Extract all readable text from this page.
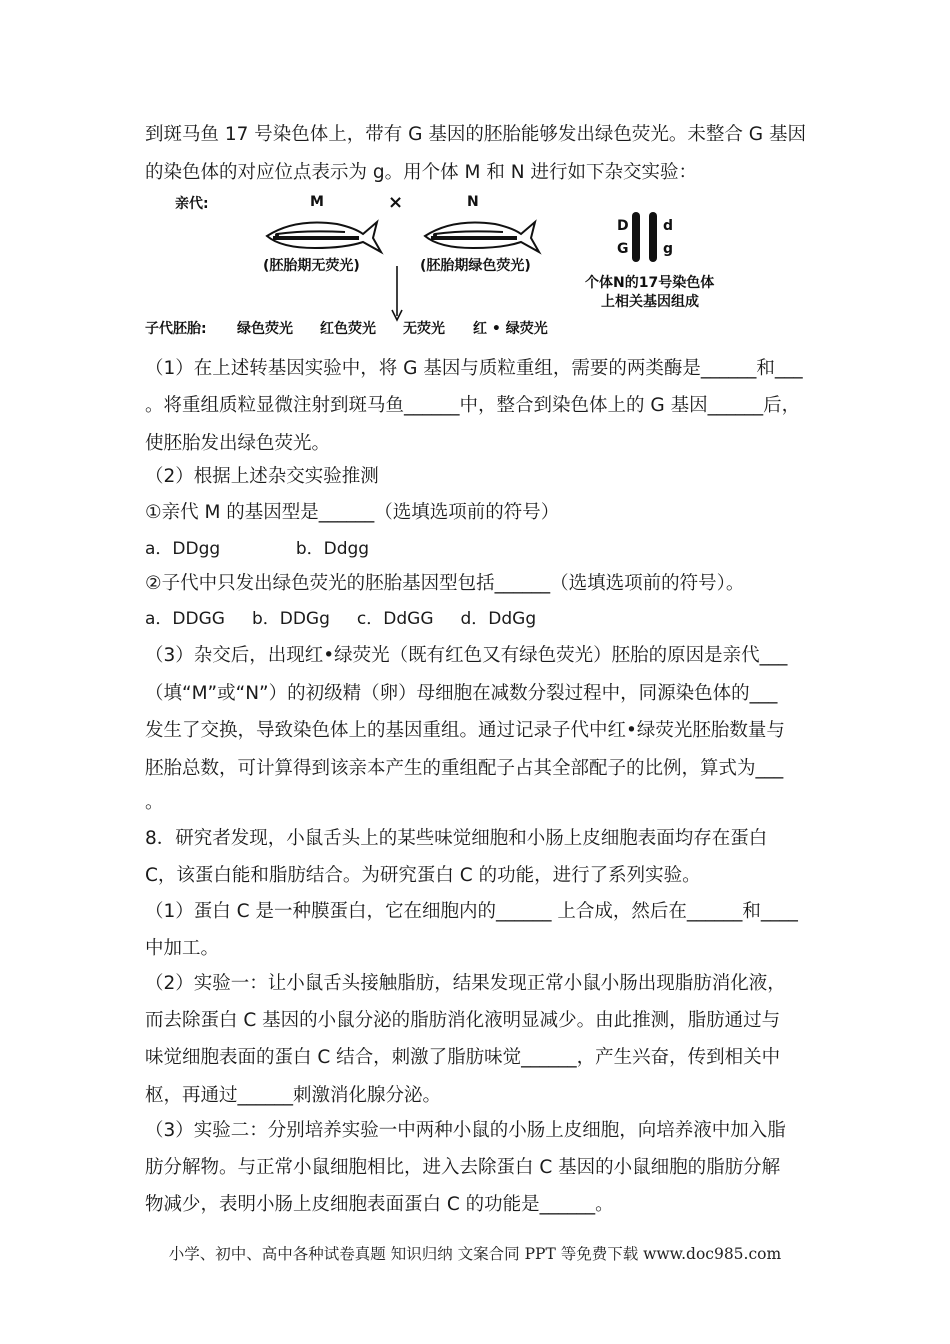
到斑马鱼 17 号染色体上，带有 G 基因的胚胎能够发出绿色荧光。未整合 G 基因
的染色体的对应位点表示为 g。用个体 M 和 N 进行如下杂交实验：
亲代:	M	×	N
(胚胎期无荧光)	(胚胎期绿色荧光)
D
G
d
g
个体N的17号染色体
上相关基因组成
子代胚胎: 绿色荧光 红色荧光 无荧光 红 • 绿荧光
（1）在上述转基因实验中，将 G 基因与质粒重组，需要的两类酶是______和___
。将重组质粒显微注射到斑马鱼______中，整合到染色体上的 G 基因______后，
使胚胎发出绿色荧光。
（2）根据上述杂交实验推测
①亲代 M 的基因型是______（选填选项前的符号）
a．DDgg              b．Ddgg
②子代中只发出绿色荧光的胚胎基因型包括______（选填选项前的符号）。
a．DDGG     b．DDGg     c．DdGG     d．DdGg
（3）杂交后，出现红•绿荧光（既有红色又有绿色荧光）胚胎的原因是亲代___
（填“M”或“N”）的初级精（卵）母细胞在减数分裂过程中，同源染色体的___
发生了交换，导致染色体上的基因重组。通过记录子代中红•绿荧光胚胎数量与
胚胎总数，可计算得到该亲本产生的重组配子占其全部配子的比例，算式为___
。
8．研究者发现，小鼠舌头上的某些味觉细胞和小肠上皮细胞表面均存在蛋白
C，该蛋白能和脂肪结合。为研究蛋白 C 的功能，进行了系列实验。
（1）蛋白 C 是一种膜蛋白，它在细胞内的______ 上合成，然后在______和____
中加工。
（2）实验一：让小鼠舌头接触脂肪，结果发现正常小鼠小肠出现脂肪消化液，
而去除蛋白 C 基因的小鼠分泌的脂肪消化液明显减少。由此推测，脂肪通过与
味觉细胞表面的蛋白 C 结合，刺激了脂肪味觉______，产生兴奋，传到相关中
枢，再通过______刺激消化腺分泌。
（3）实验二：分别培养实验一中两种小鼠的小肠上皮细胞，向培养液中加入脂
肪分解物。与正常小鼠细胞相比，进入去除蛋白 C 基因的小鼠细胞的脂肪分解
物减少，表明小肠上皮细胞表面蛋白 C 的功能是______。
小学、初中、高中各种试卷真题 知识归纳 文案合同 PPT 等免费下载 www.doc985.com
